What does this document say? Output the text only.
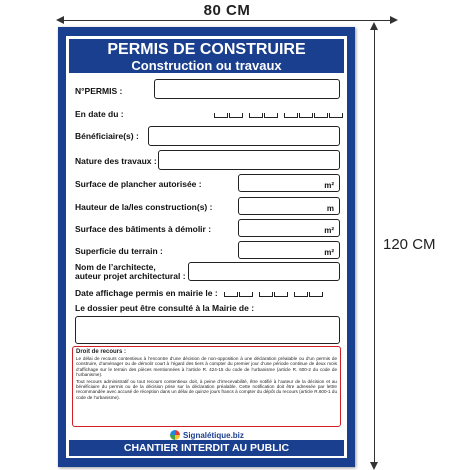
80 CM
120 CM
PERMIS DE CONSTRUIRE
Construction ou travaux
N°PERMIS :
En date du :
Bénéficiaire(s) :
Nature des travaux :
Surface de plancher autorisée :	m²
Hauteur de la/les construction(s) :	m
Surface des bâtiments à démolir :	m²
Superficie du terrain :	m²
Nom de l’architecte,
auteur projet architectural :
Date affichage permis en mairie le :
Le dossier peut être consulté à la Mairie de :
Droit de recours :

Le délai de recours contentieux à l’encontre d’une décision de non-opposition à une déclaration préalable ou d’un permis de construire, d’aménager ou de démolir court à l’égard des tiers à compter du premier jour d’une période continue de deux mois d’affichage sur le terrain des pièces mentionnées à l’article R. 424-15 du code de l’urbanisme (article R. 600-2 du code de l’urbanisme).

Tout recours administratif ou tout recours contentieux doit, à peine d’irrecevabilité, être notifié à l’auteur de la décision et au bénéficiaire du permis ou de la décision prise sur la déclaration préalable. Cette notification doit être adressée par lettre recommandée avec accusé de réception dans un délai de quinze jours francs à compter du dépôt du recours (article R.600-1 du code de l’urbanisme).

Signalétique.biz
CHANTIER INTERDIT AU PUBLIC
